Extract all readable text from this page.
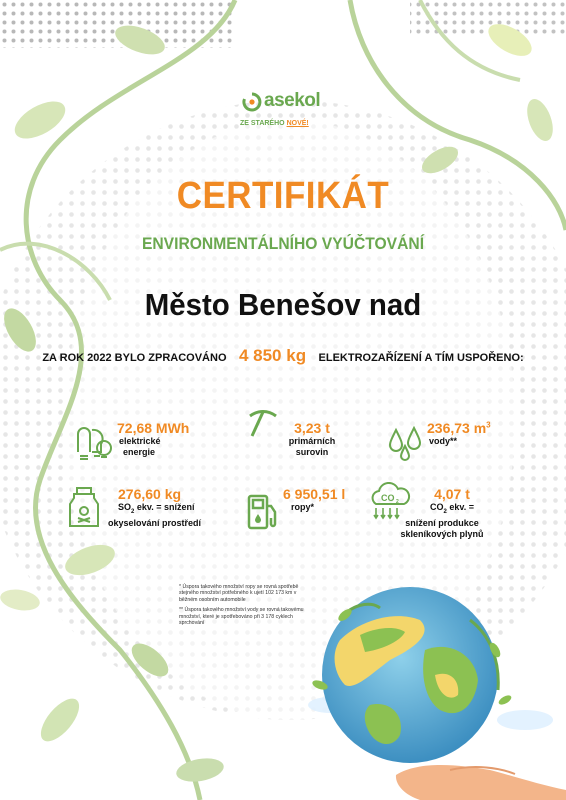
asekol
ZE STARÉHO NOVÉ!
CERTIFIKÁT
ENVIRONMENTÁLNÍHO VYÚČTOVÁNÍ
Město Benešov nad
ZA ROK 2022 BYLO ZPRACOVÁNO 4 850 kg ELEKTROZAŘÍZENÍ A TÍM USPOŘENO:
72,68 MWh
elektrické
energie
3,23 t
primárních
surovin
236,73 $m^3$
vody**
276,60 kg
$SO_2$ ekv. = snížení
okyselování prostředí
6 950,51 l
ropy*
CO 2	4,07 t
$CO_2$ ekv. =
snížení produkce
skleníkových plynů

* Úspora takového množství ropy se rovná spotřebě stejného množství potřebného k ujetí 102 173 km v běžném osobním automobile

** Úspora takového množství vody se rovná takovému množství, které je spotřebováno při 3 178 cyklech sprchování
